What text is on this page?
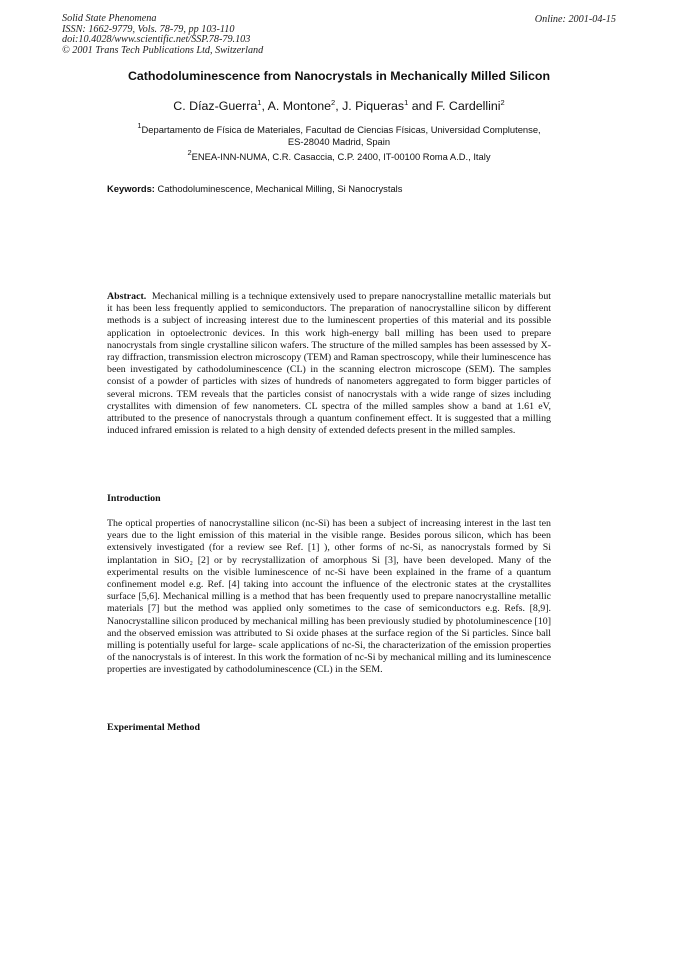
Solid State Phenomena
ISSN: 1662-9779, Vols. 78-79, pp 103-110
doi:10.4028/www.scientific.net/SSP.78-79.103
© 2001 Trans Tech Publications Ltd, Switzerland
Online: 2001-04-15
Cathodoluminescence from Nanocrystals in Mechanically Milled Silicon
C. Díaz-Guerra$^1$, A. Montone$^2$, J. Piqueras$^1$ and F. Cardellini$^2$
$^1$Departamento de Física de Materiales, Facultad de Ciencias Físicas, Universidad Complutense,
ES-28040 Madrid, Spain
$^2$ENEA-INN-NUMA, C.R. Casaccia, C.P. 2400, IT-00100 Roma A.D., Italy
Keywords: Cathodoluminescence, Mechanical Milling, Si Nanocrystals

Abstract. Mechanical milling is a technique extensively used to prepare nanocrystalline metallic materials but it has been less frequently applied to semiconductors. The preparation of nanocrystalline silicon by different methods is a subject of increasing interest due to the luminescent properties of this material and its possible application in optoelectronic devices. In this work high-energy ball milling has been used to prepare nanocrystals from single crystalline silicon wafers. The structure of the milled samples has been assessed by X-ray diffraction, transmission electron microscopy (TEM) and Raman spectroscopy, while their luminescence has been investigated by cathodoluminescence (CL) in the scanning electron microscope (SEM). The samples consist of a powder of particles with sizes of hundreds of nanometers aggregated to form bigger particles of several microns. TEM reveals that the particles consist of nanocrystals with a wide range of sizes including crystallites with dimension of few nanometers. CL spectra of the milled samples show a band at 1.61 eV, attributed to the presence of nanocrystals through a quantum confinement effect. It is suggested that a milling induced infrared emission is related to a high density of extended defects present in the milled samples.

Introduction

The optical properties of nanocrystalline silicon (nc-Si) has been a subject of increasing interest in the last ten years due to the light emission of this material in the visible range. Besides porous silicon, which has been extensively investigated (for a review see Ref. [1] ), other forms of nc-Si, as nanocrystals formed by Si implantation in SiO₂ [2] or by recrystallization of amorphous Si [3], have been developed. Many of the experimental results on the visible luminescence of nc-Si have been explained in the frame of a quantum confinement model e.g. Ref. [4] taking into account the influence of the electronic states at the crystallites surface [5,6]. Mechanical milling is a method that has been frequently used to prepare nanocrystalline metallic materials [7] but the method was applied only sometimes to the case of semiconductors e.g. Refs. [8,9]. Nanocrystalline silicon produced by mechanical milling has been previously studied by photoluminescence [10] and the observed emission was attributed to Si oxide phases at the surface region of the Si particles. Since ball milling is potentially useful for large- scale applications of nc-Si, the characterization of the emission properties of the nanocrystals is of interest. In this work the formation of nc-Si by mechanical milling and its luminescence properties are investigated by cathodoluminescence (CL) in the SEM.

Experimental Method
